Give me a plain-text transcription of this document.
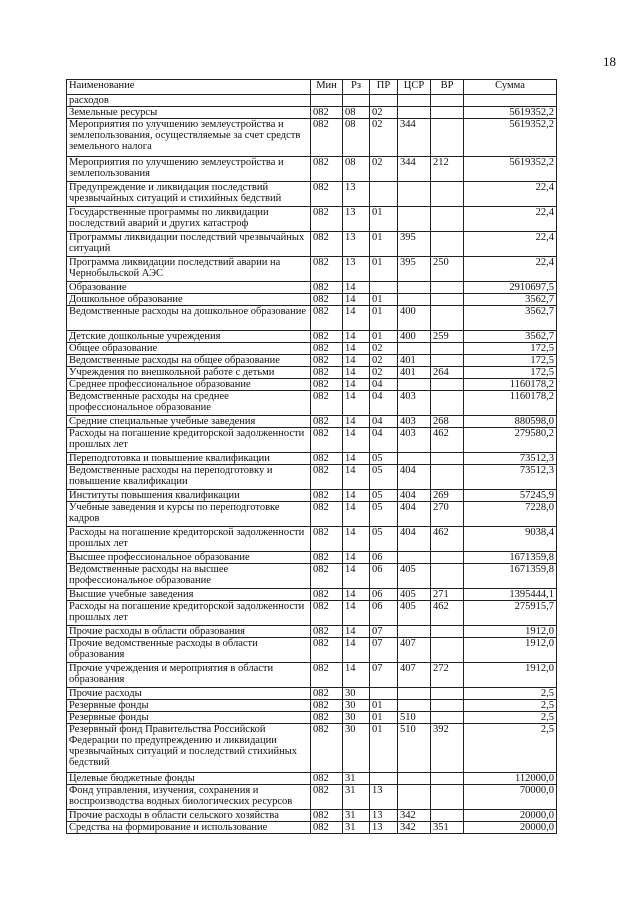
18
Наименование	Мин	Рз	ПР	ЦСР	ВР	Сумма
расходов						
Земельные ресурсы	082	08	02			5619352,2
Мероприятия по улучшению землеустройства и землепользования, осуществляемые за счет средств земельного налога	082	08	02	344		5619352,2
Мероприятия по улучшению землеустройства и землепользования	082	08	02	344	212	5619352,2
Предупреждение и ликвидация последствий чрезвычайных ситуаций и стихийных бедствий	082	13				22,4
Государственные программы по ликвидации последствий аварий и других катастроф	082	13	01			22,4
Программы ликвидации последствий чрезвычайных ситуаций	082	13	01	395		22,4
Программа ликвидации последствий аварии на Чернобыльской АЭС	082	13	01	395	250	22,4
Образование	082	14				2910697,5
Дошкольное образование	082	14	01			3562,7
Ведомственные расходы на дошкольное образование	082	14	01	400		3562,7
Детские дошкольные учреждения	082	14	01	400	259	3562,7
Общее образование	082	14	02			172,5
Ведомственные расходы на общее образование	082	14	02	401		172,5
Учреждения по внешкольной работе с детьми	082	14	02	401	264	172,5
Среднее профессиональное образование	082	14	04			1160178,2
Ведомственные расходы на среднее профессиональное образование	082	14	04	403		1160178,2
Средние специальные учебные заведения	082	14	04	403	268	880598,0
Расходы на погашение кредиторской задолженности прошлых лет	082	14	04	403	462	279580,2
Переподготовка и повышение квалификации	082	14	05			73512,3
Ведомственные расходы на переподготовку и повышение квалификации	082	14	05	404		73512,3
Институты повышения квалификации	082	14	05	404	269	57245,9
Учебные заведения и курсы по переподготовке кадров	082	14	05	404	270	7228,0
Расходы на погашение кредиторской задолженности прошлых лет	082	14	05	404	462	9038,4
Высшее профессиональное образование	082	14	06			1671359,8
Ведомственные расходы на высшее профессиональное образование	082	14	06	405		1671359,8
Высшие учебные заведения	082	14	06	405	271	1395444,1
Расходы на погашение кредиторской задолженности прошлых лет	082	14	06	405	462	275915,7
Прочие расходы в области образования	082	14	07			1912,0
Прочие ведомственные расходы в области образования	082	14	07	407		1912,0
Прочие учреждения и мероприятия в области образования	082	14	07	407	272	1912,0
Прочие расходы	082	30				2,5
Резервные фонды	082	30	01			2,5
Резервные фонды	082	30	01	510		2,5
Резервный фонд Правительства Российской Федерации по предупреждению и ликвидации чрезвычайных ситуаций и последствий стихийных бедствий	082	30	01	510	392	2,5
Целевые бюджетные фонды	082	31				112000,0
Фонд управления, изучения, сохранения и воспроизводства водных биологических ресурсов	082	31	13			70000,0
Прочие расходы в области сельского хозяйства	082	31	13	342		20000,0
Средства на формирование и использование	082	31	13	342	351	20000,0
